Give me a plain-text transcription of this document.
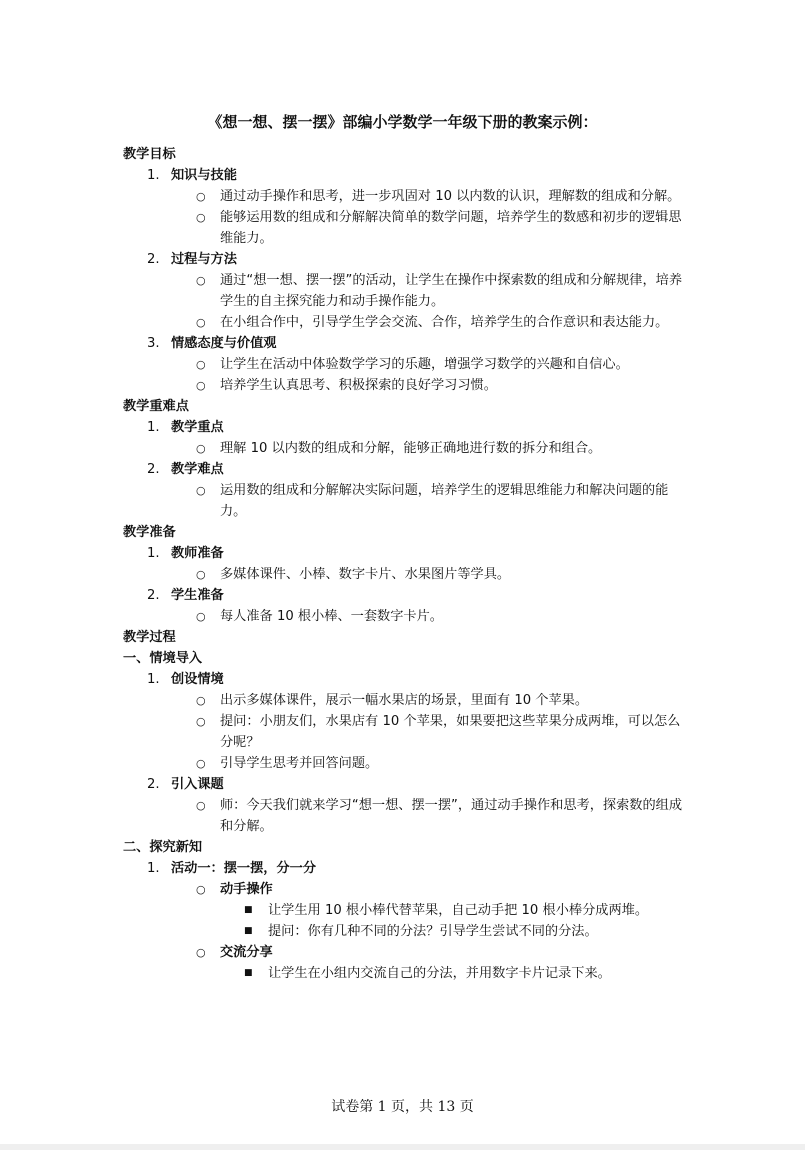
《想一想、摆一摆》部编小学数学一年级下册的教案示例：
教学目标
1. 知识与技能
○	通过动手操作和思考，进一步巩固对 10 以内数的认识，理解数的组成和分解。
○	能够运用数的组成和分解解决简单的数学问题，培养学生的数感和初步的逻辑思维能力。
2. 过程与方法
○	通过“想一想、摆一摆”的活动，让学生在操作中探索数的组成和分解规律，培养学生的自主探究能力和动手操作能力。
○	在小组合作中，引导学生学会交流、合作，培养学生的合作意识和表达能力。
3. 情感态度与价值观
○	让学生在活动中体验数学学习的乐趣，增强学习数学的兴趣和自信心。
○	培养学生认真思考、积极探索的良好学习习惯。
教学重难点
1. 教学重点
○	理解 10 以内数的组成和分解，能够正确地进行数的拆分和组合。
2. 教学难点
○	运用数的组成和分解解决实际问题，培养学生的逻辑思维能力和解决问题的能力。
教学准备
1. 教师准备
○	多媒体课件、小棒、数字卡片、水果图片等学具。
2. 学生准备
○	每人准备 10 根小棒、一套数字卡片。
教学过程
一、情境导入
1. 创设情境
○	出示多媒体课件，展示一幅水果店的场景，里面有 10 个苹果。
○	提问：小朋友们，水果店有 10 个苹果，如果要把这些苹果分成两堆，可以怎么分呢？
○	引导学生思考并回答问题。
2. 引入课题
○	师：今天我们就来学习“想一想、摆一摆”，通过动手操作和思考，探索数的组成和分解。
二、探究新知
1. 活动一：摆一摆，分一分
○	动手操作
■	让学生用 10 根小棒代替苹果，自己动手把 10 根小棒分成两堆。
■	提问：你有几种不同的分法？引导学生尝试不同的分法。
○	交流分享
■	让学生在小组内交流自己的分法，并用数字卡片记录下来。
试卷第 1 页，共 13 页
